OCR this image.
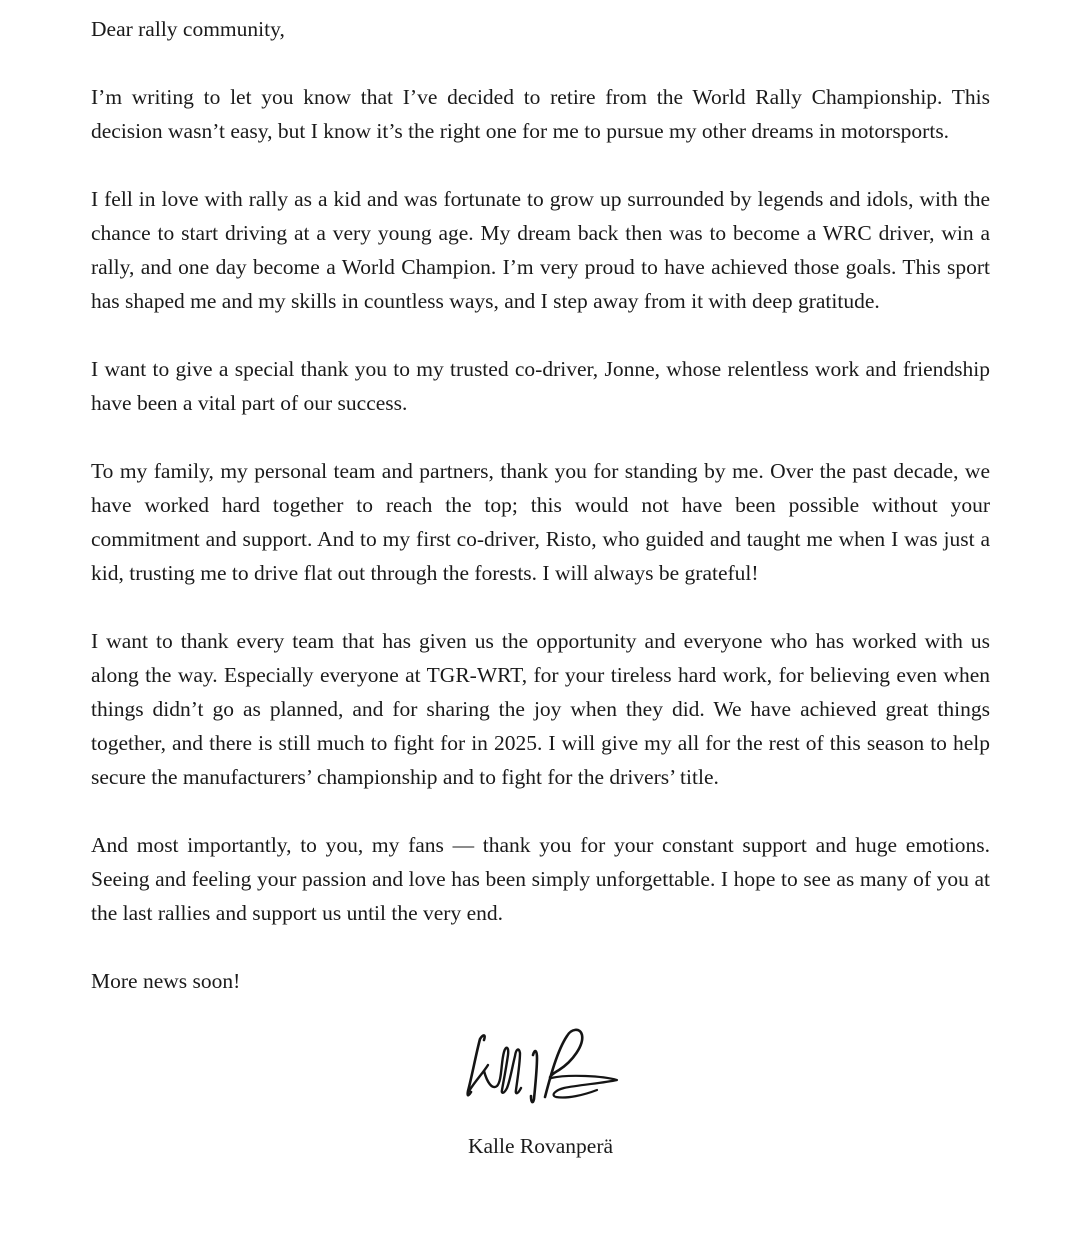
Dear rally community,

I’m writing to let you know that I’ve decided to retire from the World Rally Championship. This decision wasn’t easy, but I know it’s the right one for me to pursue my other dreams in motorsports.

I fell in love with rally as a kid and was fortunate to grow up surrounded by legends and idols, with the chance to start driving at a very young age. My dream back then was to become a WRC driver, win a rally, and one day become a World Champion. I’m very proud to have achieved those goals. This sport has shaped me and my skills in countless ways, and I step away from it with deep gratitude.

I want to give a special thank you to my trusted co-driver, Jonne, whose relentless work and friendship have been a vital part of our success.

To my family, my personal team and partners, thank you for standing by me. Over the past decade, we have worked hard together to reach the top; this would not have been possible without your commitment and support. And to my first co-driver, Risto, who guided and taught me when I was just a kid, trusting me to drive flat out through the forests. I will always be grateful!

I want to thank every team that has given us the opportunity and everyone who has worked with us along the way. Especially everyone at TGR-WRT, for your tireless hard work, for believing even when things didn’t go as planned, and for sharing the joy when they did. We have achieved great things together, and there is still much to fight for in 2025. I will give my all for the rest of this season to help secure the manufacturers’ championship and to fight for the drivers’ title.

And most importantly, to you, my fans — thank you for your constant support and huge emotions. Seeing and feeling your passion and love has been simply unforgettable. I hope to see as many of you at the last rallies and support us until the very end.

More news soon!

Kalle Rovanperä
